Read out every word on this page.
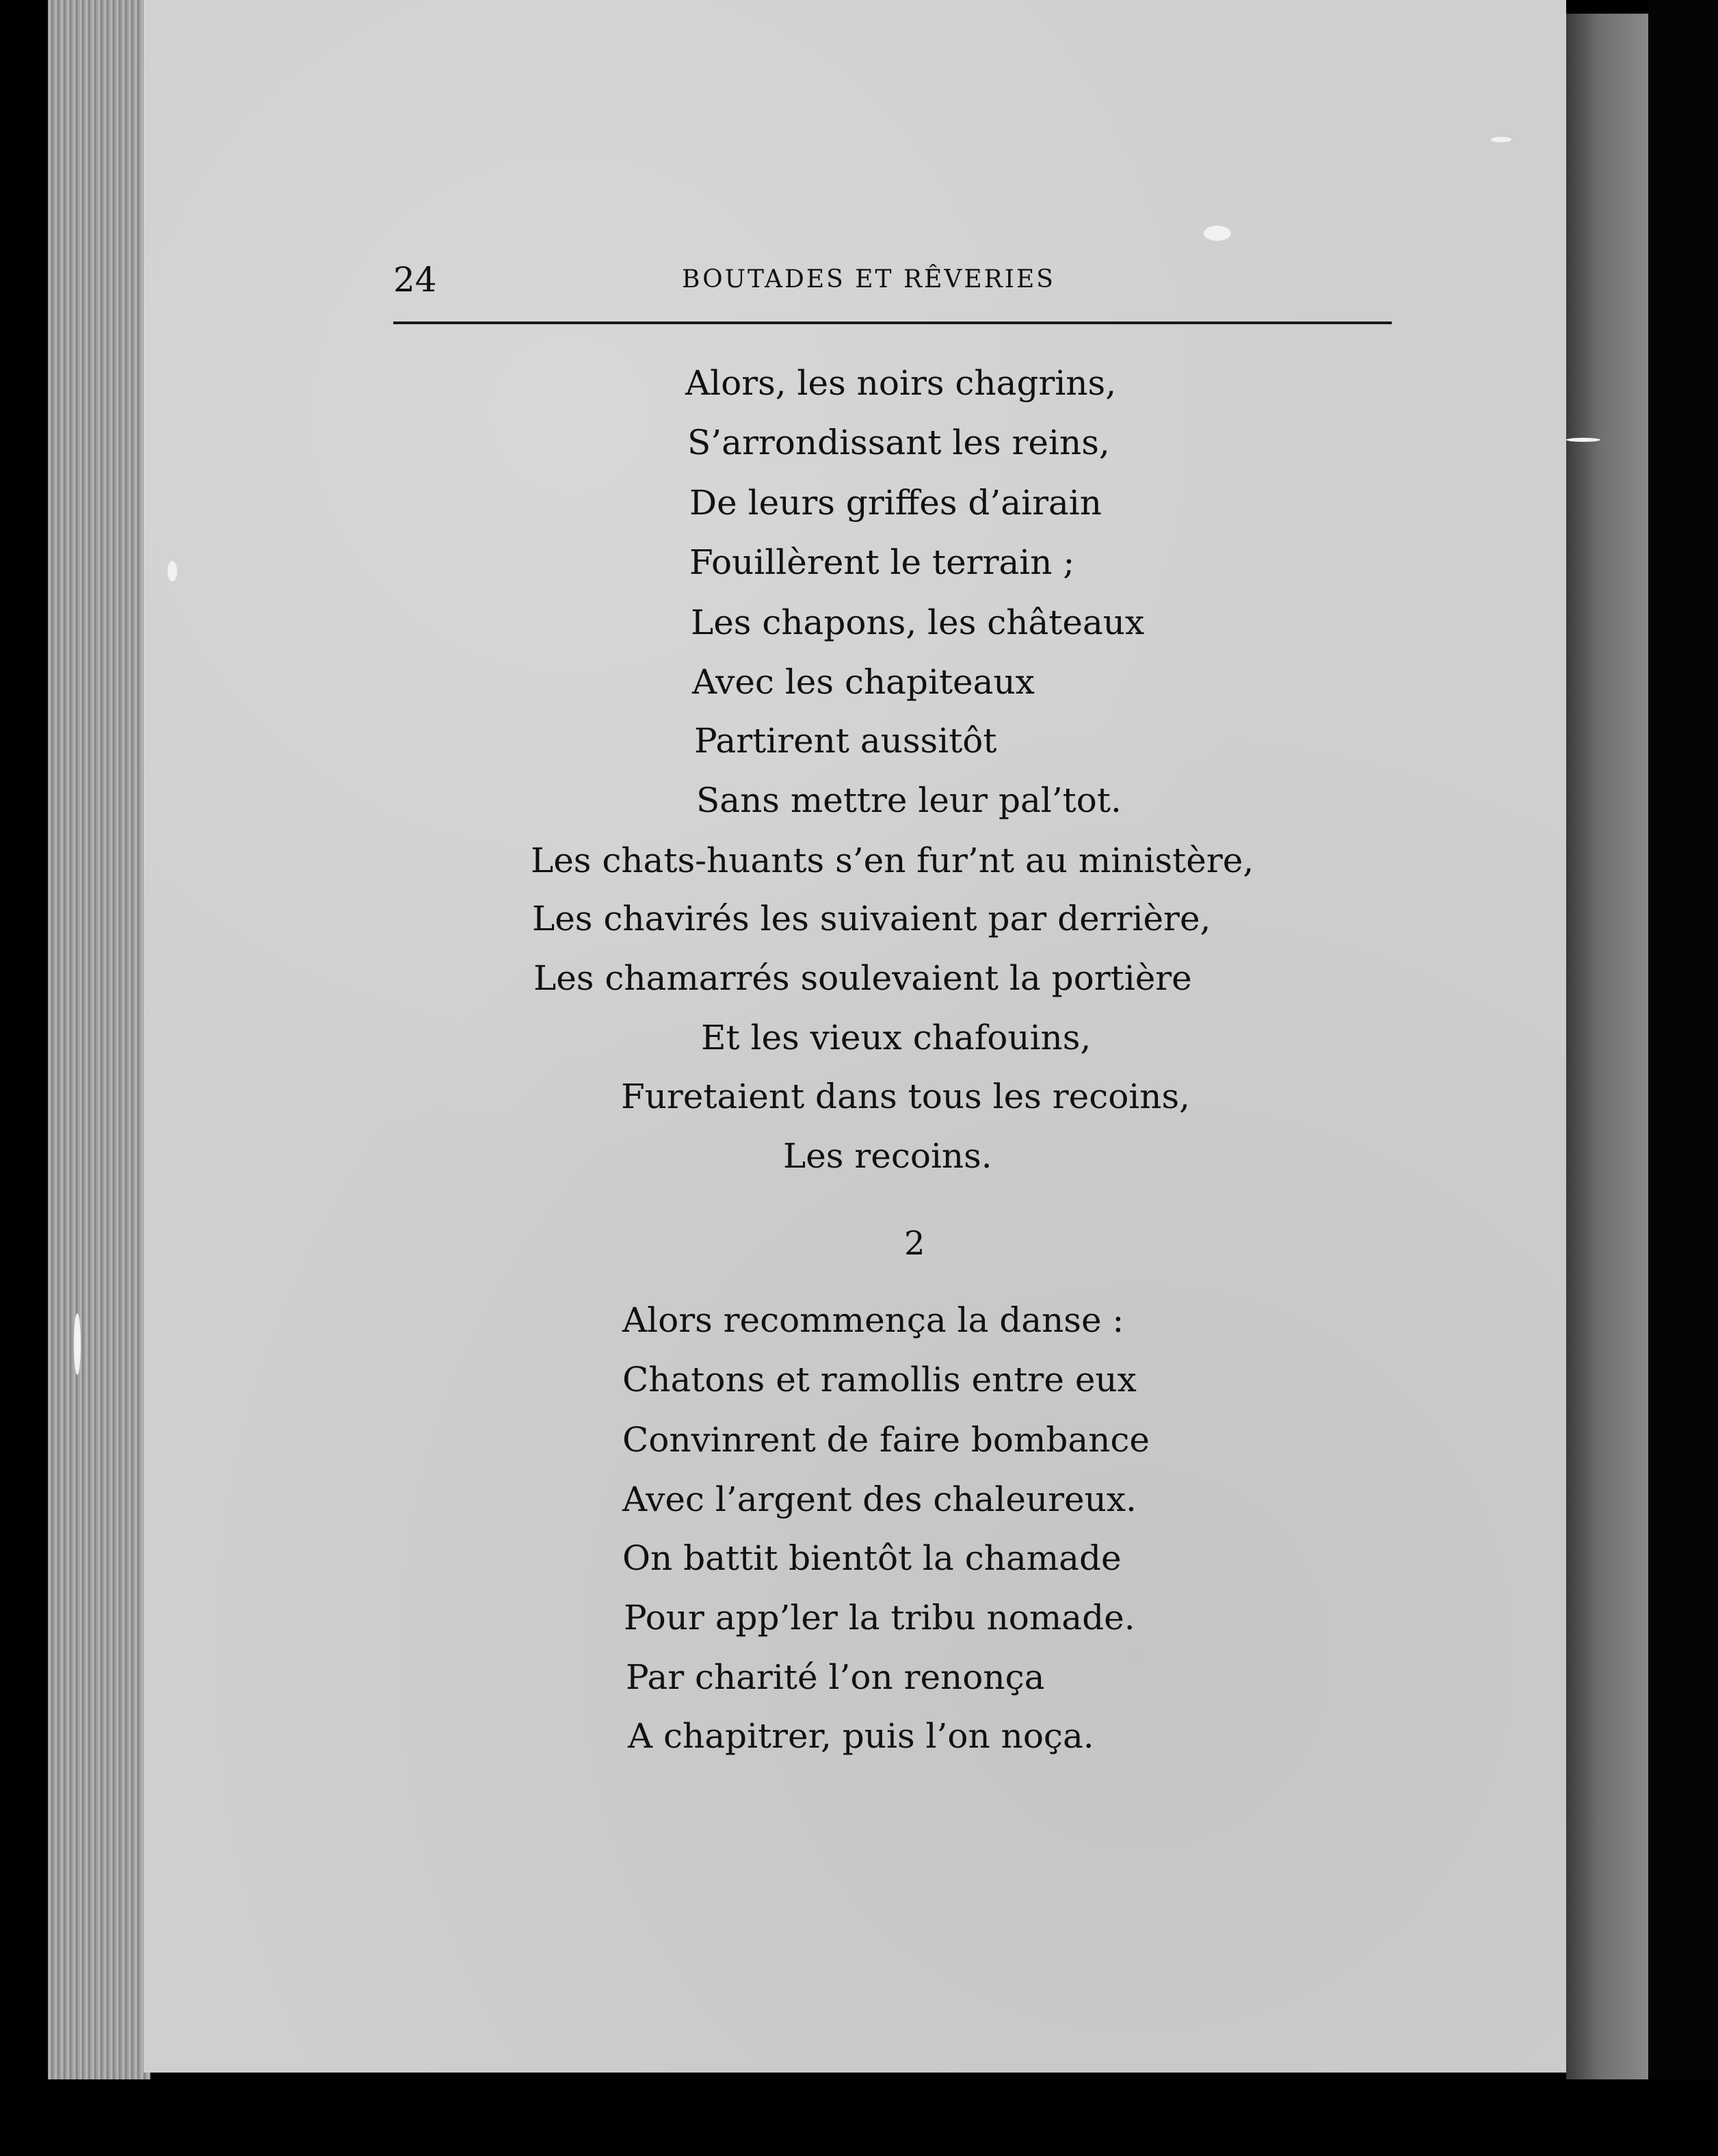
24	BOUTADES ET RÊVERIES
Alors, les noirs chagrins,
S’arrondissant les reins,
De leurs griffes d’airain
Fouillèrent le terrain ;
Les chapons, les châteaux
Avec les chapiteaux
Partirent aussitôt
Sans mettre leur pal’tot.
Les chats-huants s’en fur’nt au ministère,
Les chavirés les suivaient par derrière,
Les chamarrés soulevaient la portière
Et les vieux chafouins,
Furetaient dans tous les recoins,
Les recoins.
2
Alors recommença la danse :
Chatons et ramollis entre eux
Convinrent de faire bombance
Avec l’argent des chaleureux.
On battit bientôt la chamade
Pour app’ler la tribu nomade.
Par charité l’on renonça
A chapitrer, puis l’on noça.
